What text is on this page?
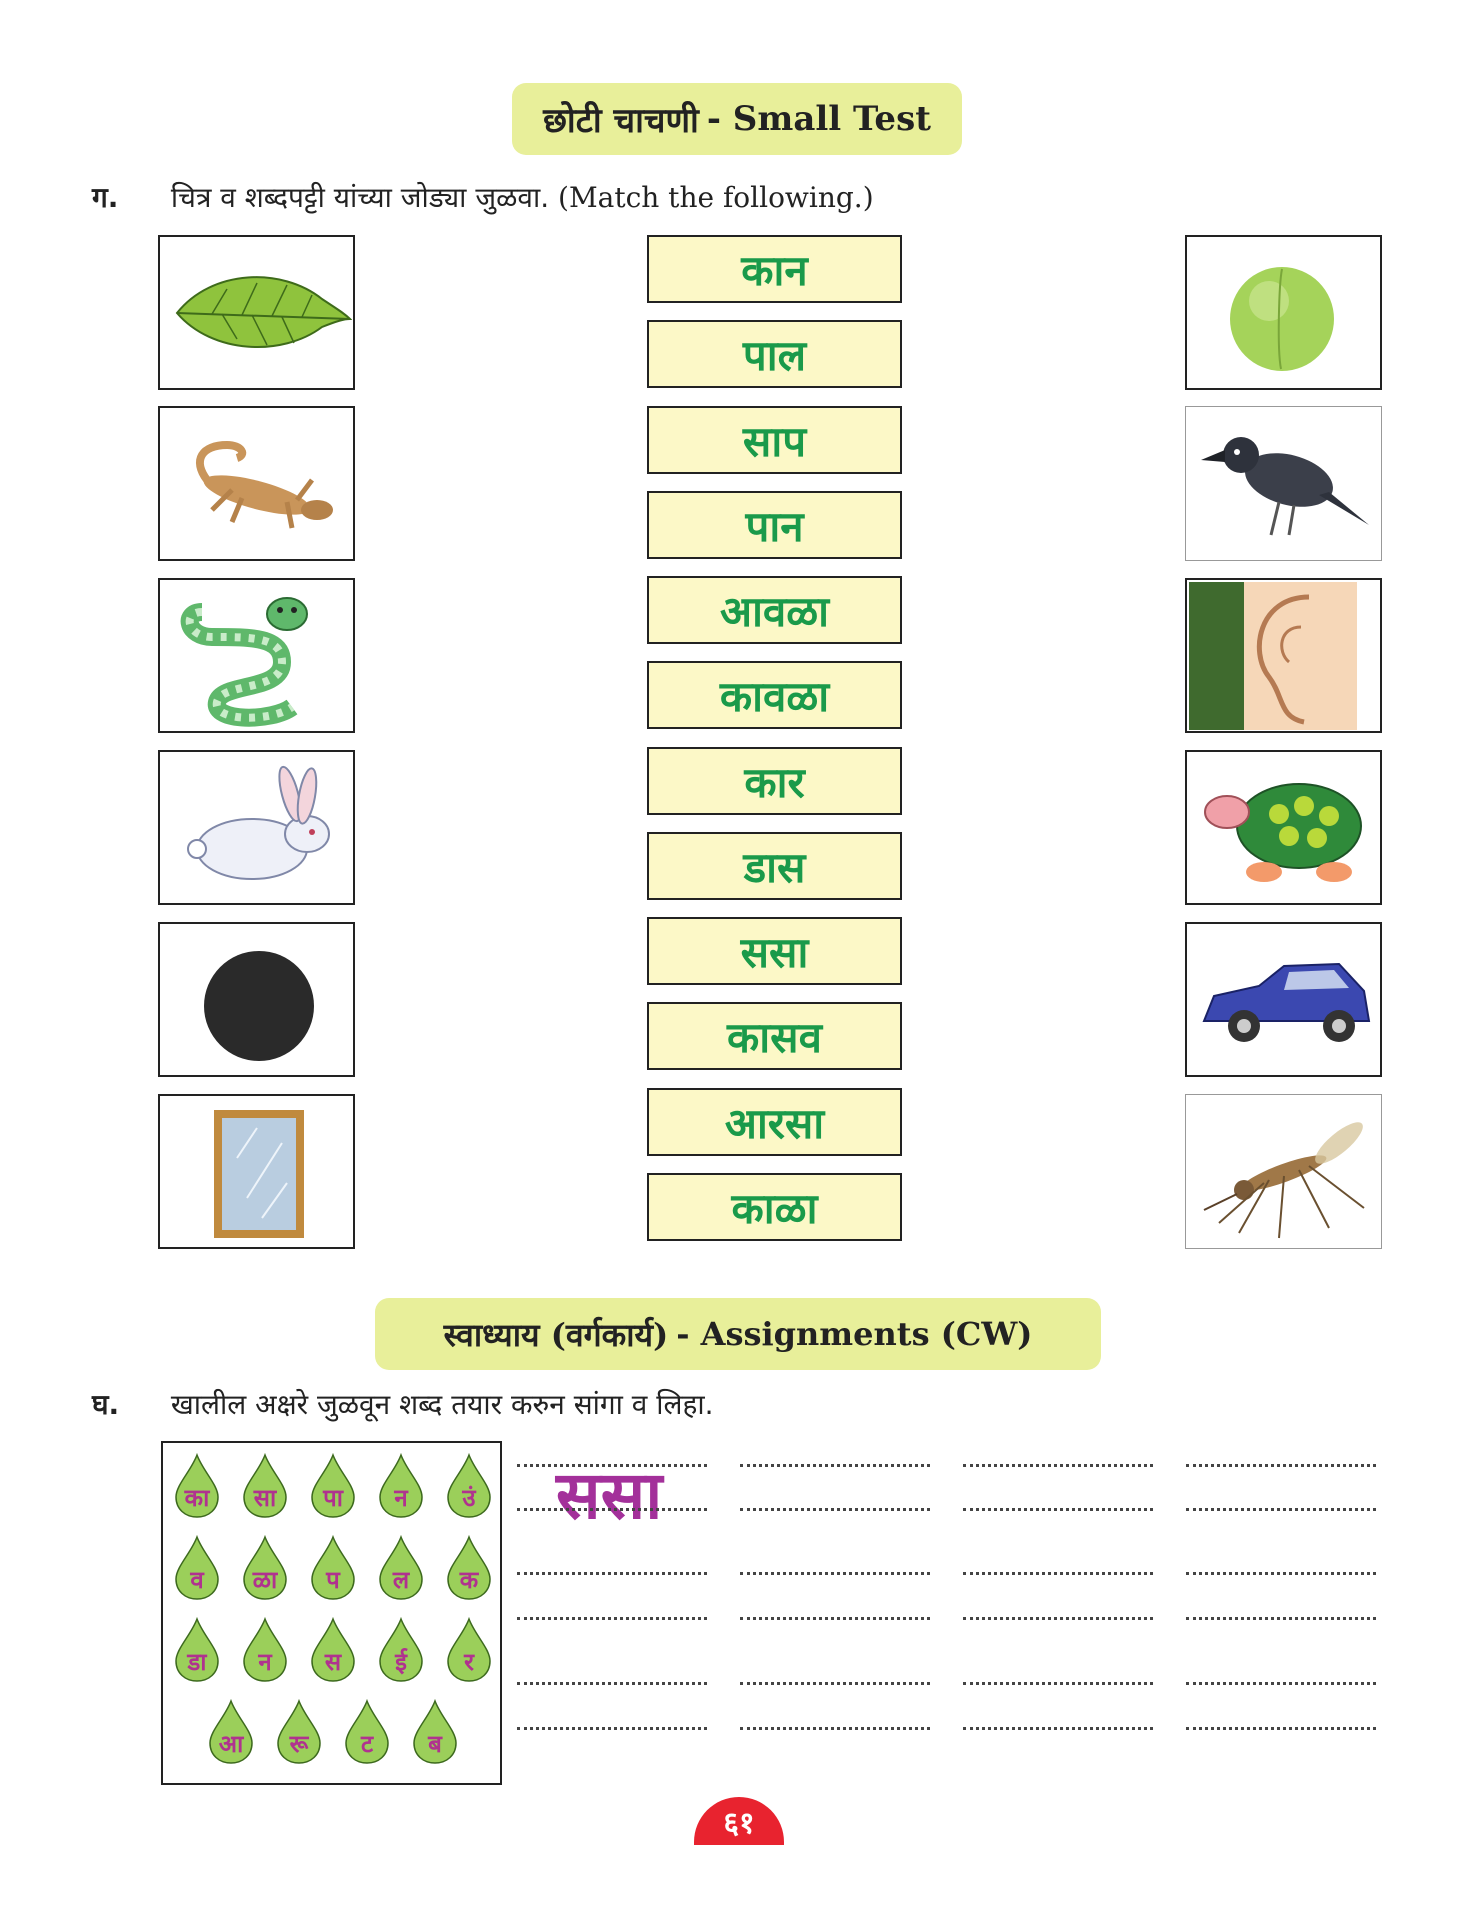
छोटी चाचणी - Small Test
ग. चित्र व शब्दपट्टी यांच्या जोड्या जुळवा. (Match the following.)
कान
पाल
साप
पान
आवळा
कावळा
कार
डास
ससा
कासव
आरसा
काळा
स्वाध्याय (वर्गकार्य) - Assignments (CW)
घ. खालील अक्षरे जुळवून शब्द तयार करुन सांगा व लिहा.
का	सा	पा	न	उं
व	ळा	प	ल	क
डा	न	स	ई	र
आ	रू	ट	ब
ससा
६१
